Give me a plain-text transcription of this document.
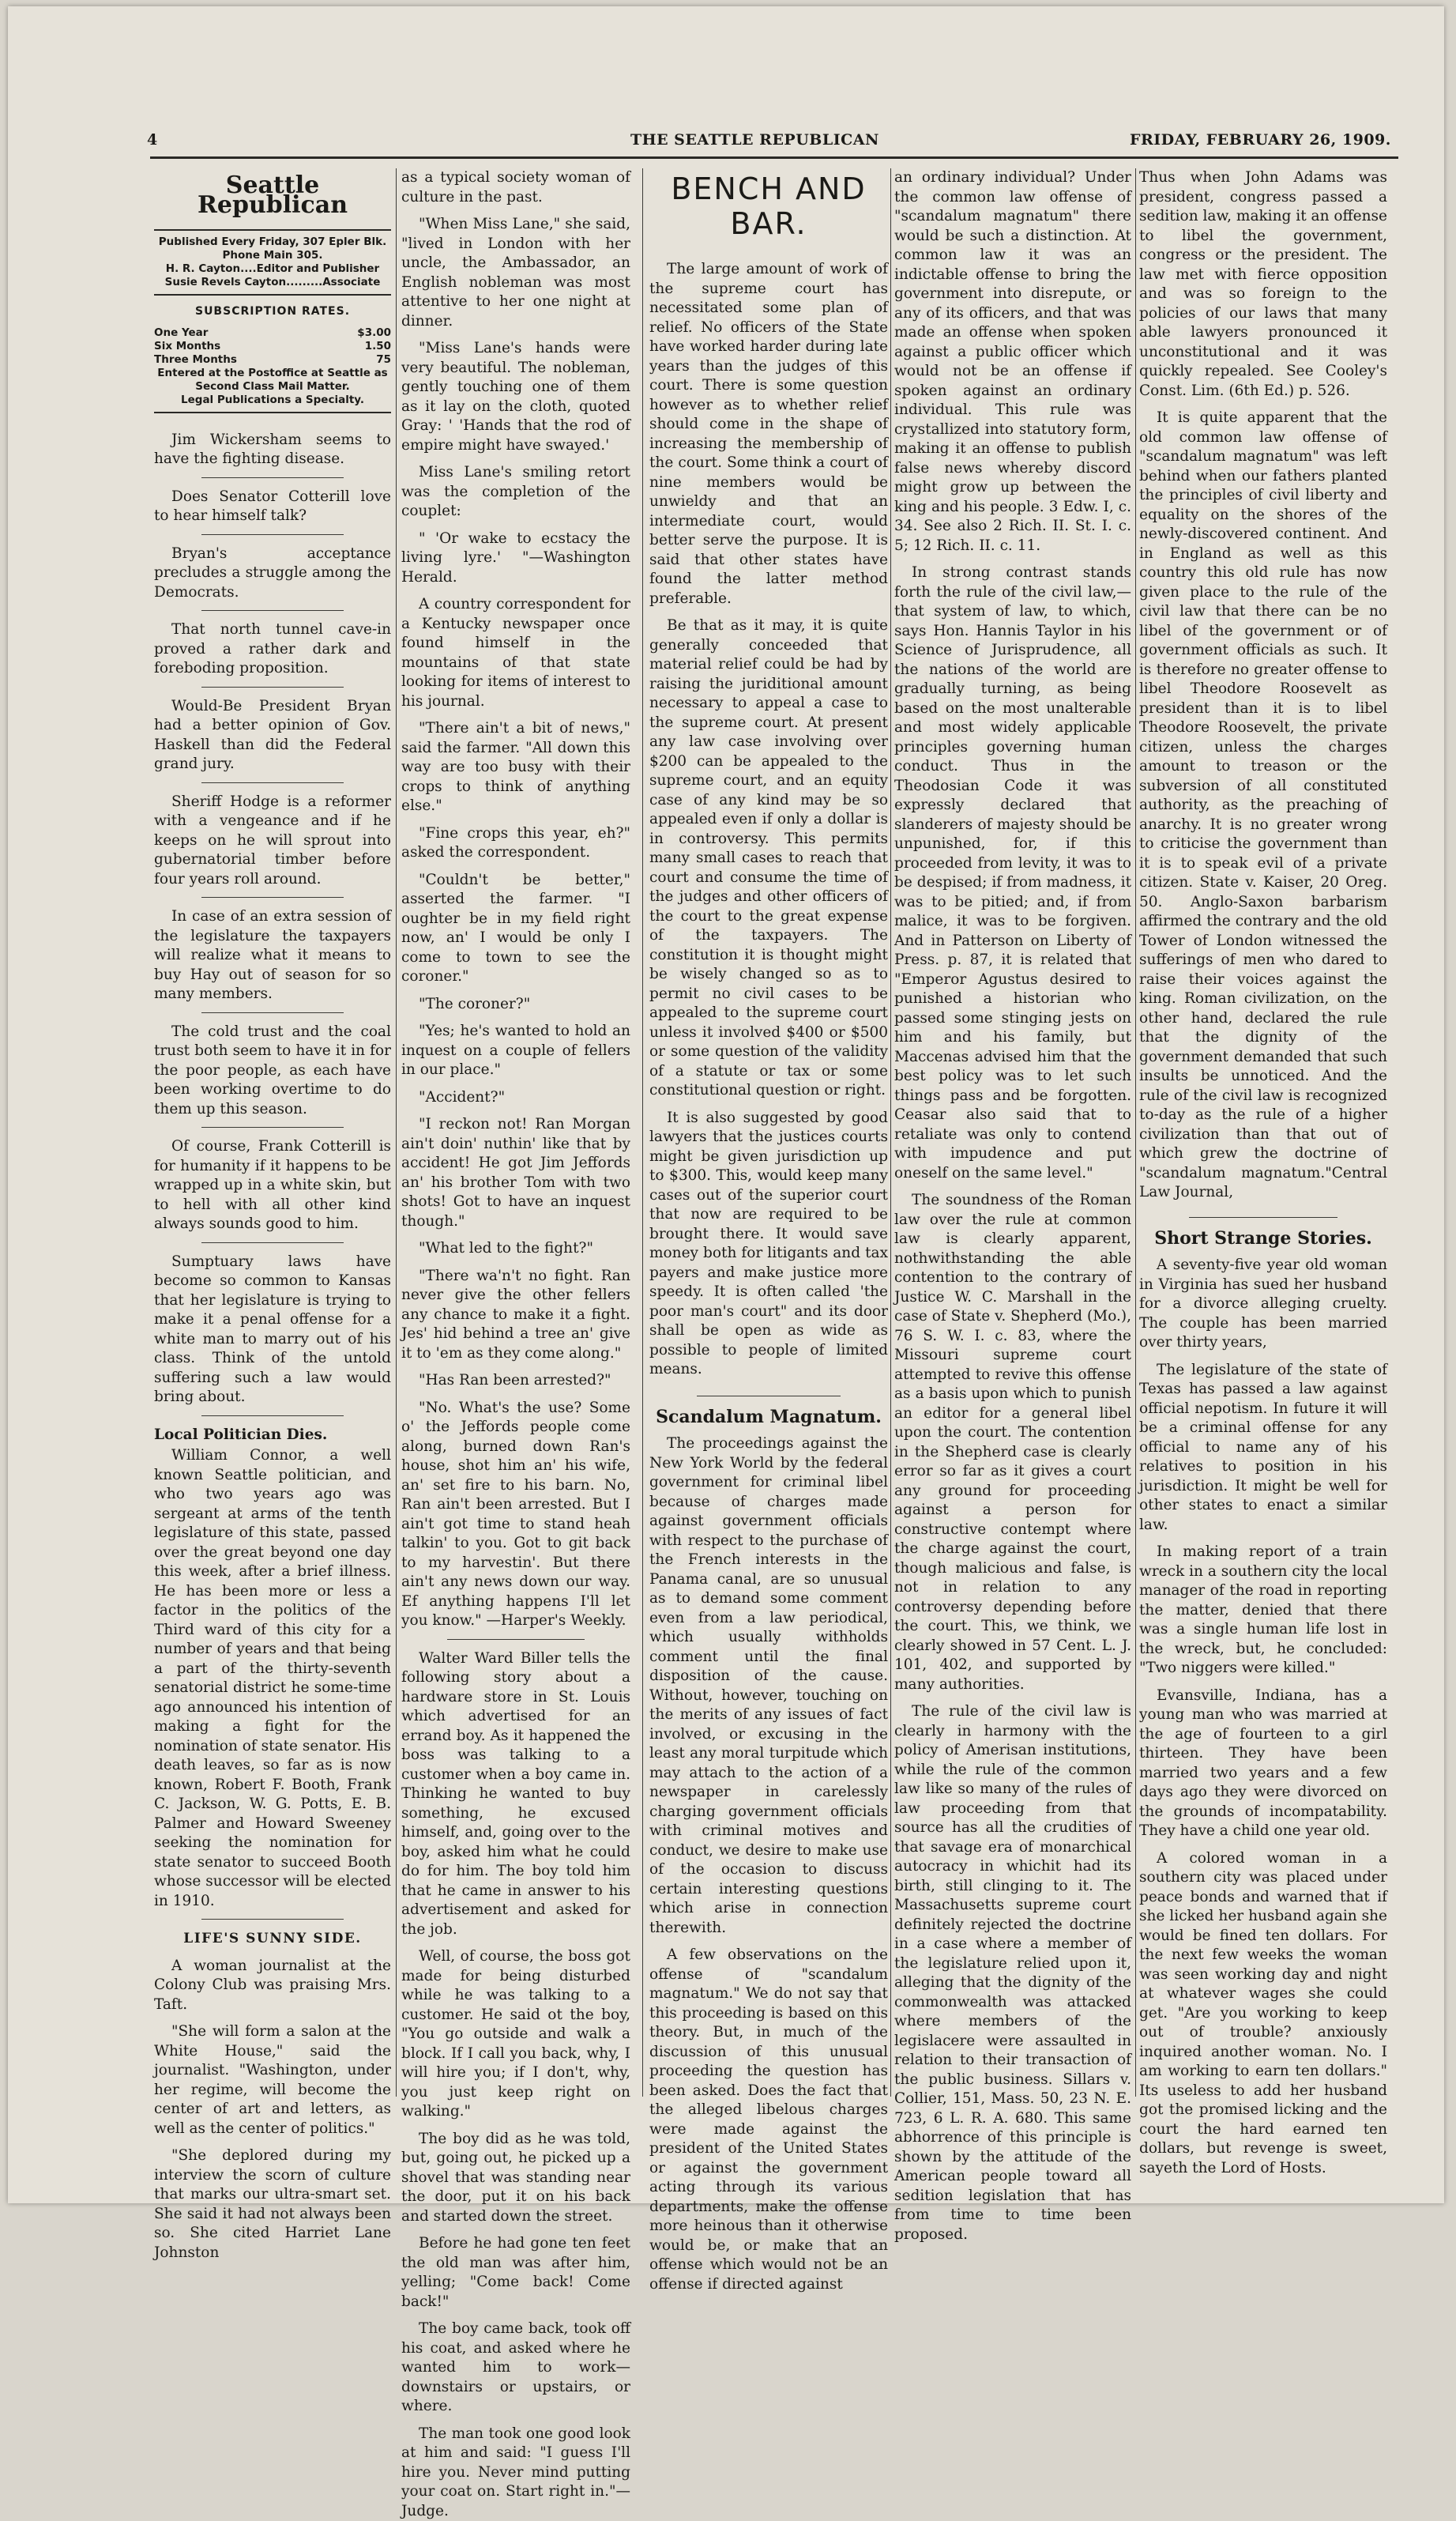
4	THE SEATTLE REPUBLICAN	FRIDAY, FEBRUARY 26, 1909.
Seattle Republican
Published Every Friday, 307 Epler Blk.
Phone Main 305.
H. R. Cayton....Editor and Publisher
Susie Revels Cayton.........Associate
SUBSCRIPTION RATES.
One Year	$3.00
Six Months	1.50
Three Months	75
Entered at the Postoffice at Seattle as Second Class Mail Matter.
Legal Publications a Specialty.

Jim Wickersham seems to have the fighting disease.

Does Senator Cotterill love to hear himself talk?

Bryan's acceptance precludes a struggle among the Democrats.

That north tunnel cave-in proved a rather dark and foreboding proposition.

Would-Be President Bryan had a better opinion of Gov. Haskell than did the Federal grand jury.

Sheriff Hodge is a reformer with a vengeance and if he keeps on he will sprout into gubernatorial timber before four years roll around.

In case of an extra session of the legislature the taxpayers will realize what it means to buy Hay out of season for so many members.

The cold trust and the coal trust both seem to have it in for the poor people, as each have been working overtime to do them up this season.

Of course, Frank Cotterill is for humanity if it happens to be wrapped up in a white skin, but to hell with all other kind always sounds good to him.

Sumptuary laws have become so common to Kansas that her legislature is trying to make it a penal offense for a white man to marry out of his class. Think of the untold suffering such a law would bring about.

Local Politician Dies.

William Connor, a well known Seattle politician, and who two years ago was sergeant at arms of the tenth legislature of this state, passed over the great beyond one day this week, after a brief illness. He has been more or less a factor in the politics of the Third ward of this city for a number of years and that being a part of the thirty-seventh senatorial district he some-time ago announced his intention of making a fight for the nomination of state senator. His death leaves, so far as is now known, Robert F. Booth, Frank C. Jackson, W. G. Potts, E. B. Palmer and Howard Sweeney seeking the nomination for state senator to succeed Booth whose successor will be elected in 1910.

LIFE'S SUNNY SIDE.

A woman journalist at the Colony Club was praising Mrs. Taft.

"She will form a salon at the White House," said the journalist. "Washington, under her regime, will become the center of art and letters, as well as the center of politics."

"She deplored during my interview the scorn of culture that marks our ultra-smart set. She said it had not always been so. She cited Harriet Lane Johnston

as a typical society woman of culture in the past.

"When Miss Lane," she said, "lived in London with her uncle, the Ambassador, an English nobleman was most attentive to her one night at dinner.

"Miss Lane's hands were very beautiful. The nobleman, gently touching one of them as it lay on the cloth, quoted Gray: ' 'Hands that the rod of empire might have swayed.'

Miss Lane's smiling retort was the completion of the couplet:

" 'Or wake to ecstacy the living lyre.' "—Washington Herald.

A country correspondent for a Kentucky newspaper once found himself in the mountains of that state looking for items of interest to his journal.

"There ain't a bit of news," said the farmer. "All down this way are too busy with their crops to think of anything else."

"Fine crops this year, eh?" asked the correspondent.

"Couldn't be better," asserted the farmer. "I oughter be in my field right now, an' I would be only I come to town to see the coroner."

"The coroner?"

"Yes; he's wanted to hold an inquest on a couple of fellers in our place."

"Accident?"

"I reckon not! Ran Morgan ain't doin' nuthin' like that by accident! He got Jim Jeffords an' his brother Tom with two shots! Got to have an inquest though."

"What led to the fight?"

"There wa'n't no fight. Ran never give the other fellers any chance to make it a fight. Jes' hid behind a tree an' give it to 'em as they come along."

"Has Ran been arrested?"

"No. What's the use? Some o' the Jeffords people come along, burned down Ran's house, shot him an' his wife, an' set fire to his barn. No, Ran ain't been arrested. But I ain't got time to stand heah talkin' to you. Got to git back to my harvestin'. But there ain't any news down our way. Ef anything happens I'll let you know." —Harper's Weekly.

Walter Ward Biller tells the following story about a hardware store in St. Louis which advertised for an errand boy. As it happened the boss was talking to a customer when a boy came in. Thinking he wanted to buy something, he excused himself, and, going over to the boy, asked him what he could do for him. The boy told him that he came in answer to his advertisement and asked for the job.

Well, of course, the boss got made for being disturbed while he was talking to a customer. He said ot the boy, "You go outside and walk a block. If I call you back, why, I will hire you; if I don't, why, you just keep right on walking."

The boy did as he was told, but, going out, he picked up a shovel that was standing near the door, put it on his back and started down the street.

Before he had gone ten feet the old man was after him, yelling; "Come back! Come back!"

The boy came back, took off his coat, and asked where he wanted him to work—downstairs or upstairs, or where.

The man took one good look at him and said: "I guess I'll hire you. Never mind putting your coat on. Start right in."—Judge.

BENCH AND BAR.

The large amount of work of the supreme court has necessitated some plan of relief. No officers of the State have worked harder during late years than the judges of this court. There is some question however as to whether relief should come in the shape of increasing the membership of the court. Some think a court of nine members would be unwieldy and that an intermediate court, would better serve the purpose. It is said that other states have found the latter method preferable.

Be that as it may, it is quite generally conceeded that material relief could be had by raising the juriditional amount necessary to appeal a case to the supreme court. At present any law case involving over $200 can be appealed to the supreme court, and an equity case of any kind may be so appealed even if only a dollar is in controversy. This permits many small cases to reach that court and consume the time of the judges and other officers of the court to the great expense of the taxpayers. The constitution it is thought might be wisely changed so as to permit no civil cases to be appealed to the supreme court unless it involved $400 or $500 or some question of the validity of a statute or tax or some constitutional question or right.

It is also suggested by good lawyers that the justices courts might be given jurisdiction up to $300. This, would keep many cases out of the superior court that now are required to be brought there. It would save money both for litigants and tax payers and make justice more speedy. It is often called 'the poor man's court" and its door shall be open as wide as possible to people of limited means.

Scandalum Magnatum.

The proceedings against the New York World by the federal government for criminal libel because of charges made against government officials with respect to the purchase of the French interests in the Panama canal, are so unusual as to demand some comment even from a law periodical, which usually withholds comment until the final disposition of the cause. Without, however, touching on the merits of any issues of fact involved, or excusing in the least any moral turpitude which may attach to the action of a newspaper in carelessly charging government officials with criminal motives and conduct, we desire to make use of the occasion to discuss certain interesting questions which arise in connection therewith.

A few observations on the offense of "scandalum magnatum." We do not say that this proceeding is based on this theory. But, in much of the discussion of this unusual proceeding the question has been asked. Does the fact that the alleged libelous charges were made against the president of the United States or against the government acting through its various departments, make the offense more heinous than it otherwise would be, or make that an offense which would not be an offense if directed against

an ordinary individual? Under the common law offense of "scandalum magnatum" there would be such a distinction. At common law it was an indictable offense to bring the government into disrepute, or any of its officers, and that was made an offense when spoken against a public officer which would not be an offense if spoken against an ordinary individual. This rule was crystallized into statutory form, making it an offense to publish false news whereby discord might grow up between the king and his people. 3 Edw. I, c. 34. See also 2 Rich. II. St. I. c. 5; 12 Rich. II. c. 11.

In strong contrast stands forth the rule of the civil law,—that system of law, to which, says Hon. Hannis Taylor in his Science of Jurisprudence, all the nations of the world are gradually turning, as being based on the most unalterable and most widely applicable principles governing human conduct. Thus in the Theodosian Code it was expressly declared that slanderers of majesty should be unpunished, for, if this proceeded from levity, it was to be despised; if from madness, it was to be pitied; and, if from malice, it was to be forgiven. And in Patterson on Liberty of Press. p. 87, it is related that "Emperor Agustus desired to punished a historian who passed some stinging jests on him and his family, but Maccenas advised him that the best policy was to let such things pass and be forgotten. Ceasar also said that to retaliate was only to contend with impudence and put oneself on the same level."

The soundness of the Roman law over the rule at common law is clearly apparent, nothwithstanding the able contention to the contrary of Justice W. C. Marshall in the case of State v. Shepherd (Mo.), 76 S. W. I. c. 83, where the Missouri supreme court attempted to revive this offense as a basis upon which to punish an editor for a general libel upon the court. The contention in the Shepherd case is clearly error so far as it gives a court any ground for proceeding against a person for constructive contempt where the charge against the court, though malicious and false, is not in relation to any controversy depending before the court. This, we think, we clearly showed in 57 Cent. L. J. 101, 402, and supported by many authorities.

The rule of the civil law is clearly in harmony with the policy of Amerisan institutions, while the rule of the common law like so many of the rules of law proceeding from that source has all the crudities of that savage era of monarchical autocracy in whichit had its birth, still clinging to it. The Massachusetts supreme court definitely rejected the doctrine in a case where a member of the legislature relied upon it, alleging that the dignity of the commonwealth was attacked where members of the legislacere were assaulted in relation to their transaction of the public business. Sillars v. Collier, 151, Mass. 50, 23 N. E. 723, 6 L. R. A. 680. This same abhorrence of this principle is shown by the attitude of the American people toward all sedition legislation that has from time to time been proposed.

Thus when John Adams was president, congress passed a sedition law, making it an offense to libel the government, congress or the president. The law met with fierce opposition and was so foreign to the policies of our laws that many able lawyers pronounced it unconstitutional and it was quickly repealed. See Cooley's Const. Lim. (6th Ed.) p. 526.

It is quite apparent that the old common law offense of "scandalum magnatum" was left behind when our fathers planted the principles of civil liberty and equality on the shores of the newly-discovered continent. And in England as well as this country this old rule has now given place to the rule of the civil law that there can be no libel of the government or of government officials as such. It is thereforе no greater offense to libel Theodore Roosevelt as president than it is to libel Theodore Roosevelt, the private citizen, unless the charges amount to treason or the subversion of all constituted authority, as the preaching of anarchy. It is no greater wrong to criticise the government than it is to speak evil of a private citizen. State v. Kaiser, 20 Oreg. 50. Anglo-Saxon barbarism affirmed the contrary and the old Tower of London witnessed the sufferings of men who dared to raise their voices against the king. Roman civilization, on the other hand, declared the rule that the dignity of the government demanded that such insults be unnoticed. And the rule of the civil law is recognized to-day as the rule of a higher civilization than that out of which grew the doctrine of "scandalum magnatum."Central Law Journal,

Short Strange Stories.

A seventy-five year old woman in Virginia has sued her husband for a divorce alleging cruelty. The couple has been married over thirty years,

The legislature of the state of Texas has passed a law against official nepotism. In future it will be a criminal offense for any official to name any of his relatives to position in his jurisdiction. It might be well for other states to enact a similar law.

In making report of a train wreck in a southern city the local manager of the road in reporting the matter, denied that there was a single human life lost in the wreck, but, he concluded: "Two niggers were killed."

Evansville, Indiana, has a young man who was married at the age of fourteen to a girl thirteen. They have been married two years and a few days ago they were divorced on the grounds of incompatability. They have a child one year old.

A colored woman in a southern city was placed under peace bonds and warned that if she licked her husband again she would be fined ten dollars. For the next few weeks the woman was seen working day and night at whatever wages she could get. "Are you working to keep out of trouble? anxiously inquired another woman. No. I am working to earn ten dollars." Its useless to add her husband got the promised licking and the court the hard earned ten dollars, but revenge is sweet, sayeth the Lord of Hosts.
